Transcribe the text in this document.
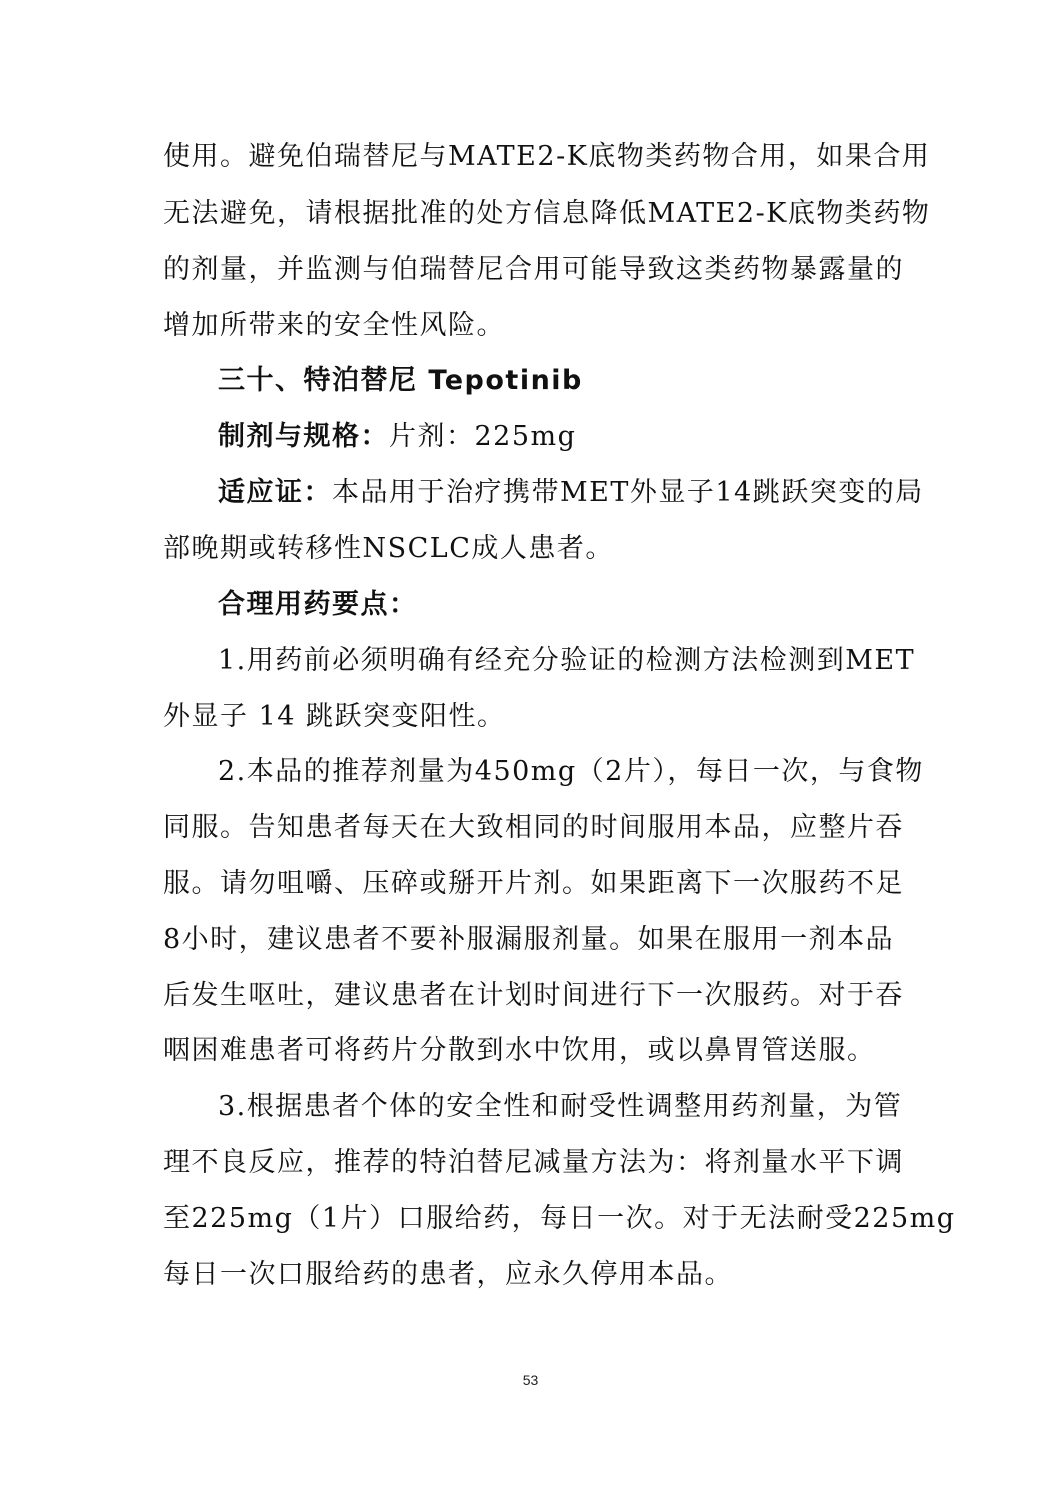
使用。避免伯瑞替尼与MATE2-K底物类药物合用，如果合用
无法避免，请根据批准的处方信息降低MATE2-K底物类药物
的剂量，并监测与伯瑞替尼合用可能导致这类药物暴露量的
增加所带来的安全性风险。
三十、特泊替尼 Tepotinib
制剂与规格：片剂：225mg
适应证：本品用于治疗携带MET外显子14跳跃突变的局
部晚期或转移性NSCLC成人患者。
合理用药要点：
1.用药前必须明确有经充分验证的检测方法检测到MET
外显子 14 跳跃突变阳性。
2.本品的推荐剂量为450mg（2片），每日一次，与食物
同服。告知患者每天在大致相同的时间服用本品，应整片吞
服。请勿咀嚼、压碎或掰开片剂。如果距离下一次服药不足
8小时，建议患者不要补服漏服剂量。如果在服用一剂本品
后发生呕吐，建议患者在计划时间进行下一次服药。对于吞
咽困难患者可将药片分散到水中饮用，或以鼻胃管送服。
3.根据患者个体的安全性和耐受性调整用药剂量，为管
理不良反应，推荐的特泊替尼减量方法为：将剂量水平下调
至225mg（1片）口服给药，每日一次。对于无法耐受225mg
每日一次口服给药的患者，应永久停用本品。
53
